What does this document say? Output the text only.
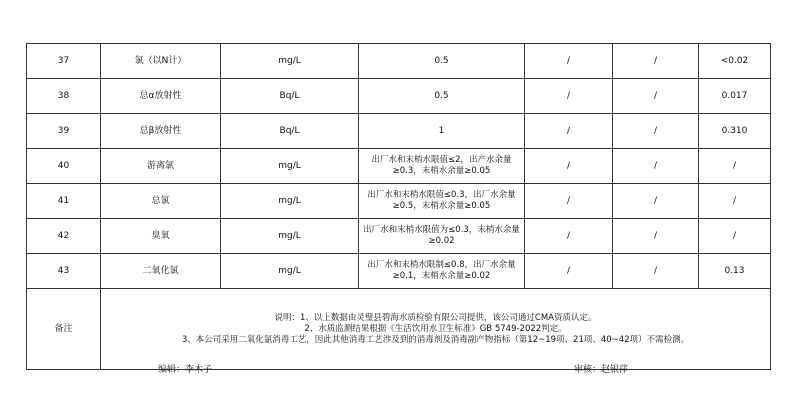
37	氯（以N计）	mg/L	0.5	/	/	<0.02
38	总α放射性	Bq/L	0.5	/	/	0.017
39	总β放射性	Bq/L	1	/	/	0.310
40	游离氯	mg/L	出厂水和末梢水限值≤2，出产水余量≥0.3，末梢水余量≥0.05	/	/	/
41	总氯	mg/L	出厂水和末梢水限值≤0.3，出厂水余量≥0.5，末梢水余量≥0.05	/	/	/
42	臭氧	mg/L	出厂水和末梢水限值为≤0.3，末梢水余量≥0.02	/	/	/
43	二氧化氯	mg/L	出厂水和末梢水限制≤0.8，出厂水余量≥0.1，末梢水余量≥0.02	/	/	0.13
备注	说明：1、以上数据由灵璧县碧海水质检验有限公司提供，该公司通过CMA资质认定。
2、水质监测结果根据《生活饮用水卫生标准》GB 5749-2022判定。
3、本公司采用二氧化氯消毒工艺，因此其他消毒工艺涉及到的消毒剂及消毒副产物指标（第12~19项、21项、40~42项）不需检测。					
编辑：李木子	审核：赵银萍
